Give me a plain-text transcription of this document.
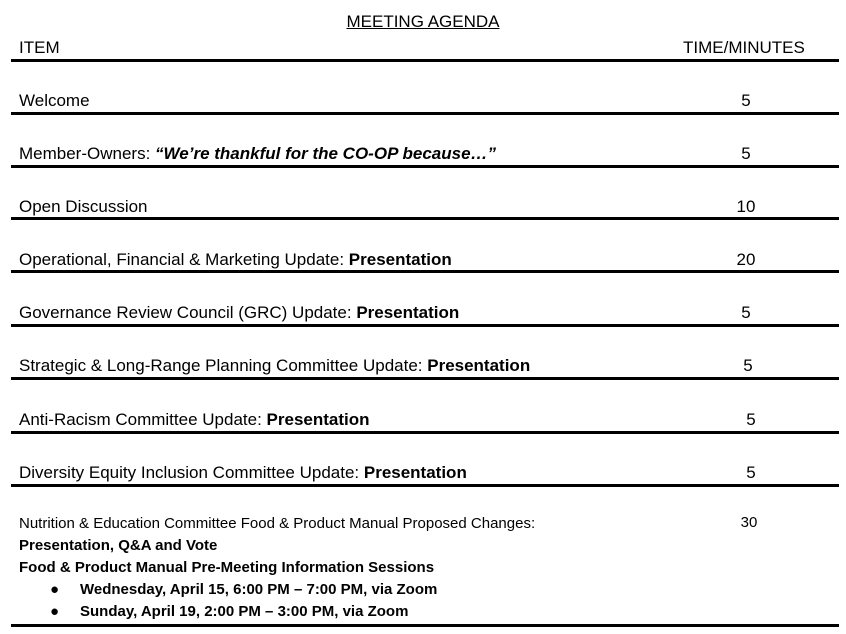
MEETING AGENDA
ITEM	TIME/MINUTES
Welcome	5
Member-Owners: “We’re thankful for the CO-OP because…”	5
Open Discussion	10
Operational, Financial & Marketing Update: Presentation	20
Governance Review Council (GRC) Update: Presentation	5
Strategic & Long-Range Planning Committee Update: Presentation	5
Anti-Racism Committee Update: Presentation	5
Diversity Equity Inclusion Committee Update: Presentation	5
Nutrition & Education Committee Food & Product Manual Proposed Changes:	30
Presentation, Q&A and Vote
Food & Product Manual Pre-Meeting Information Sessions
● Wednesday, April 15, 6:00 PM – 7:00 PM, via Zoom
● Sunday, April 19, 2:00 PM – 3:00 PM, via Zoom
